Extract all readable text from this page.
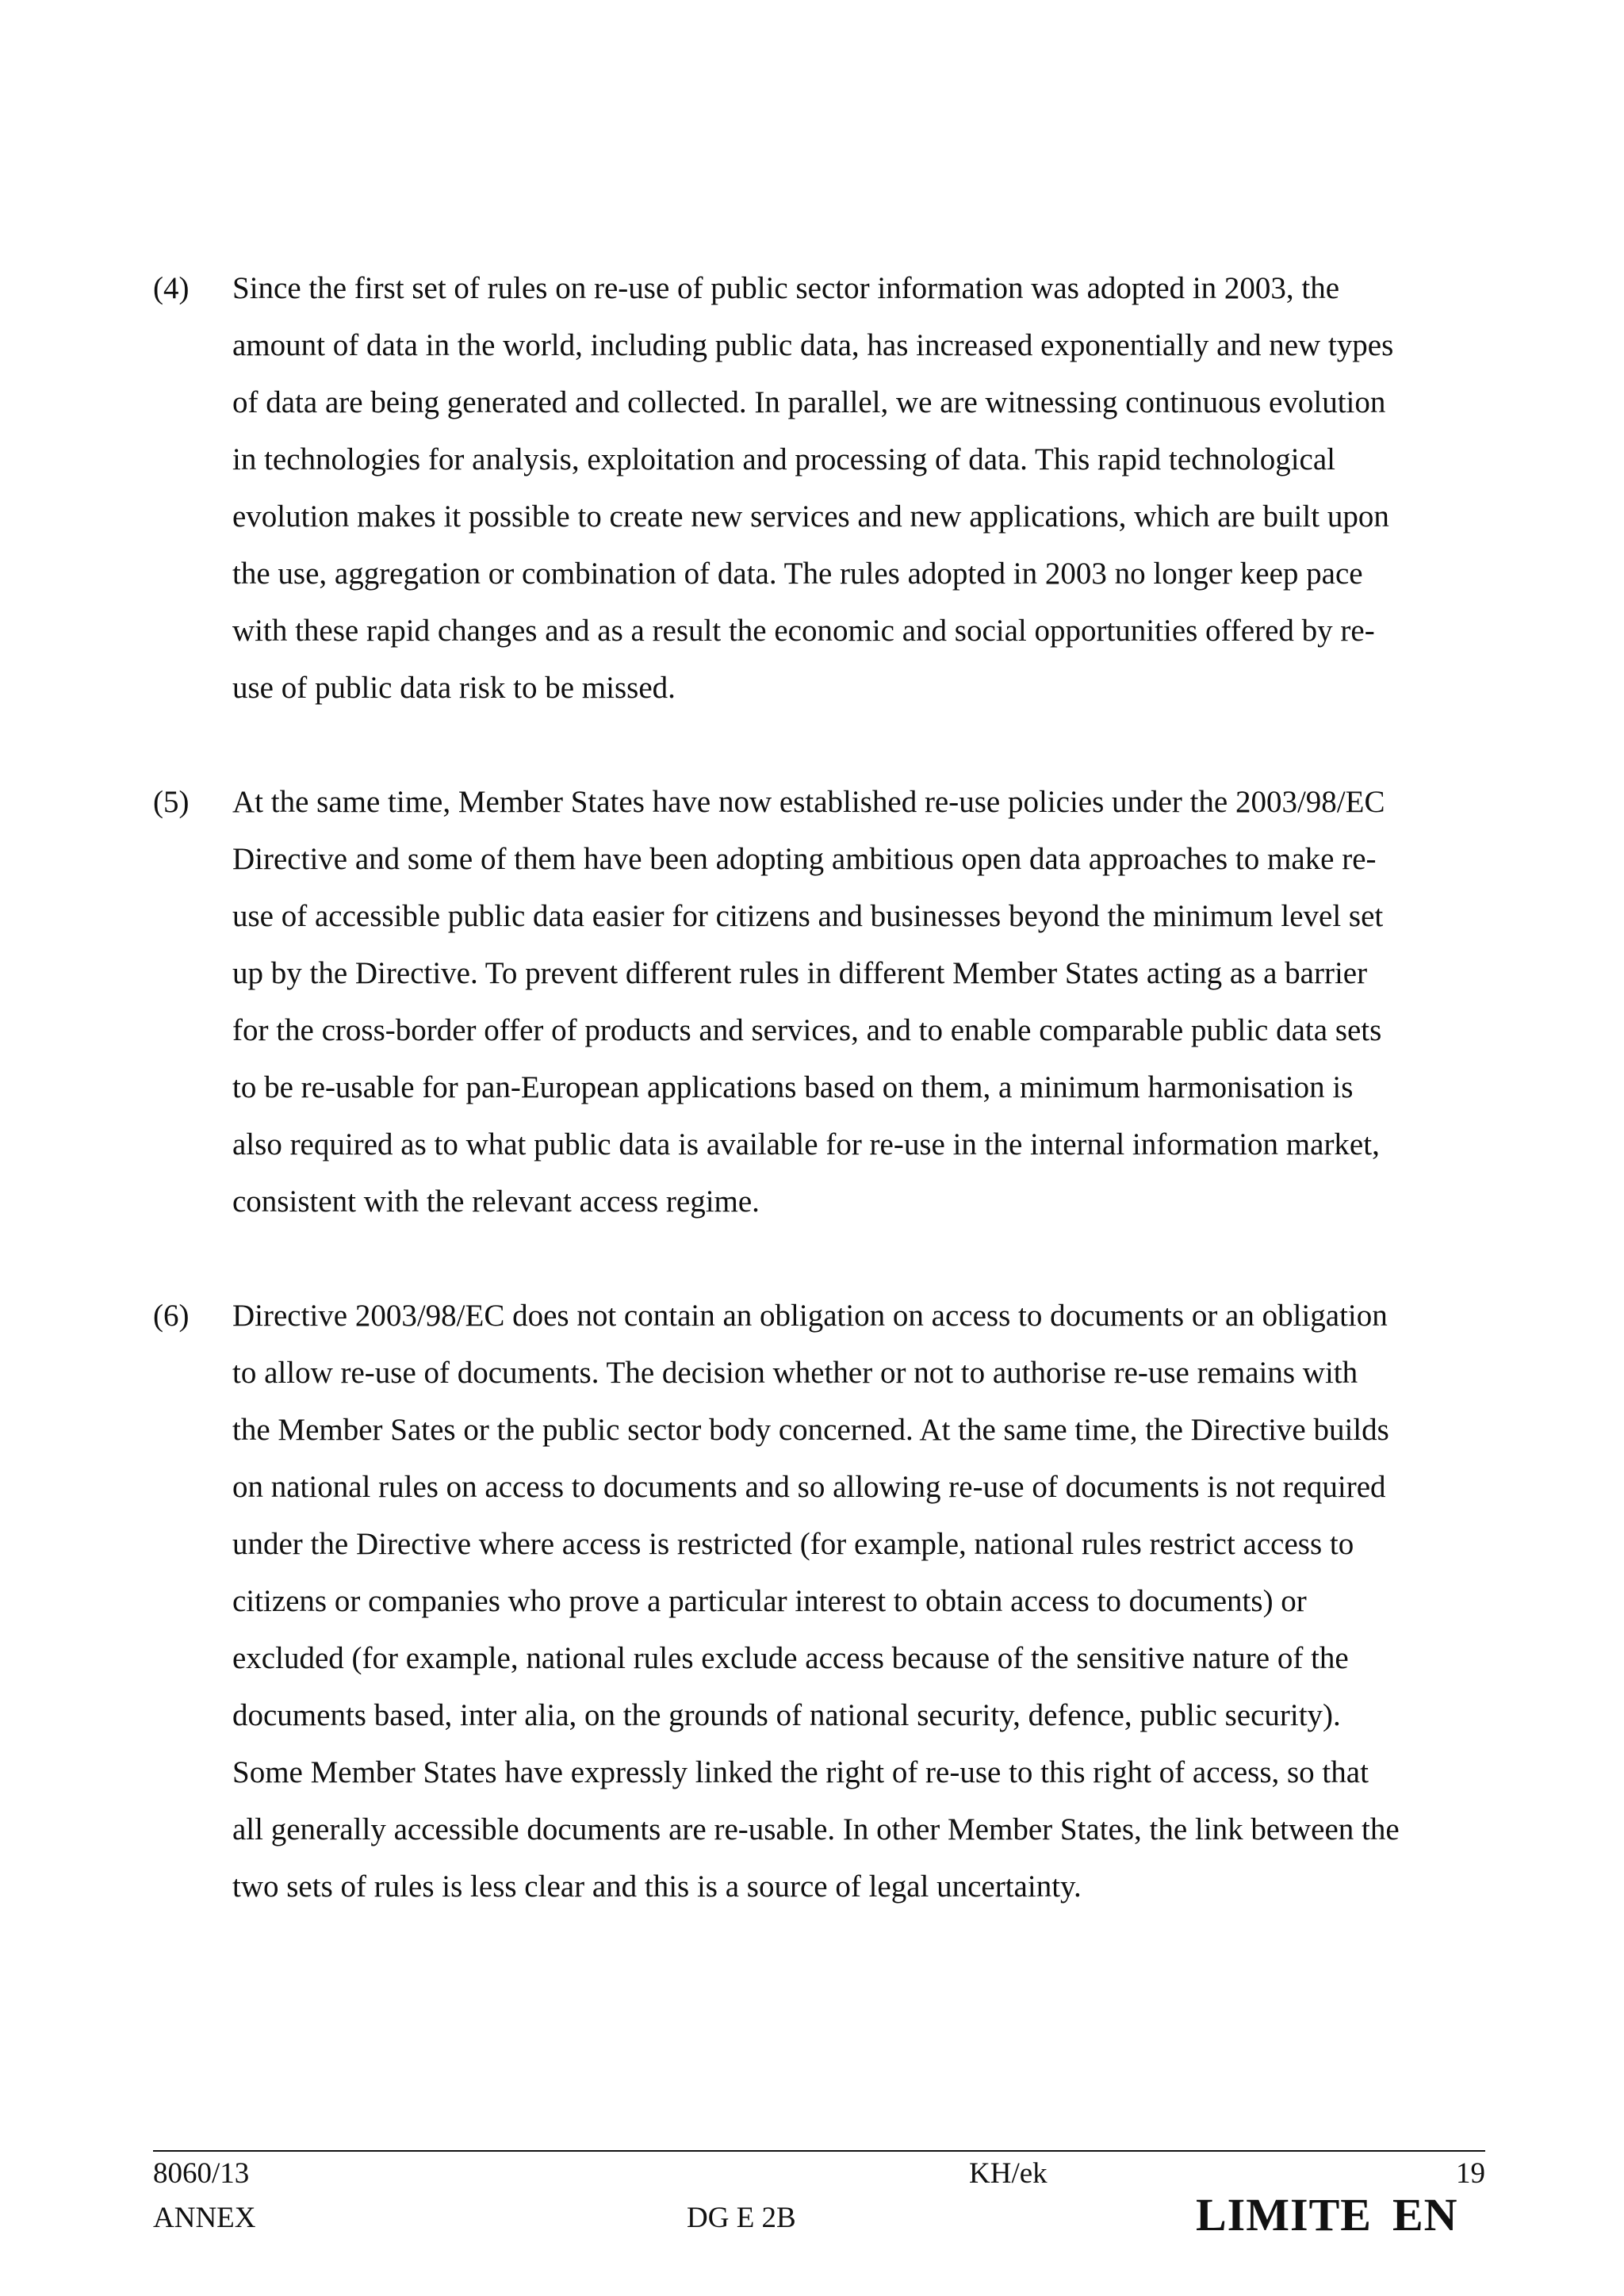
(4) Since the first set of rules on re-use of public sector information was adopted in 2003, the
amount of data in the world, including public data, has increased exponentially and new types
of data are being generated and collected. In parallel, we are witnessing continuous evolution
in technologies for analysis, exploitation and processing of data. This rapid technological
evolution makes it possible to create new services and new applications, which are built upon
the use, aggregation or combination of data. The rules adopted in 2003 no longer keep pace
with these rapid changes and as a result the economic and social opportunities offered by re-
use of public data risk to be missed.
(5) At the same time, Member States have now established re-use policies under the 2003/98/EC
Directive and some of them have been adopting ambitious open data approaches to make re-
use of accessible public data easier for citizens and businesses beyond the minimum level set
up by the Directive. To prevent different rules in different Member States acting as a barrier
for the cross-border offer of products and services, and to enable comparable public data sets
to be re-usable for pan-European applications based on them, a minimum harmonisation is
also required as to what public data is available for re-use in the internal information market,
consistent with the relevant access regime.
(6) Directive 2003/98/EC does not contain an obligation on access to documents or an obligation
to allow re-use of documents. The decision whether or not to authorise re-use remains with
the Member Sates or the public sector body concerned. At the same time, the Directive builds
on national rules on access to documents and so allowing re-use of documents is not required
under the Directive where access is restricted (for example, national rules restrict access to
citizens or companies who prove a particular interest to obtain access to documents) or
excluded (for example, national rules exclude access because of the sensitive nature of the
documents based, inter alia, on the grounds of national security, defence, public security).
Some Member States have expressly linked the right of re-use to this right of access, so that
all generally accessible documents are re-usable. In other Member States, the link between the
two sets of rules is less clear and this is a source of legal uncertainty.
8060/13
ANNEX
KH/ek
DG E 2B
19
LIMITE EN
